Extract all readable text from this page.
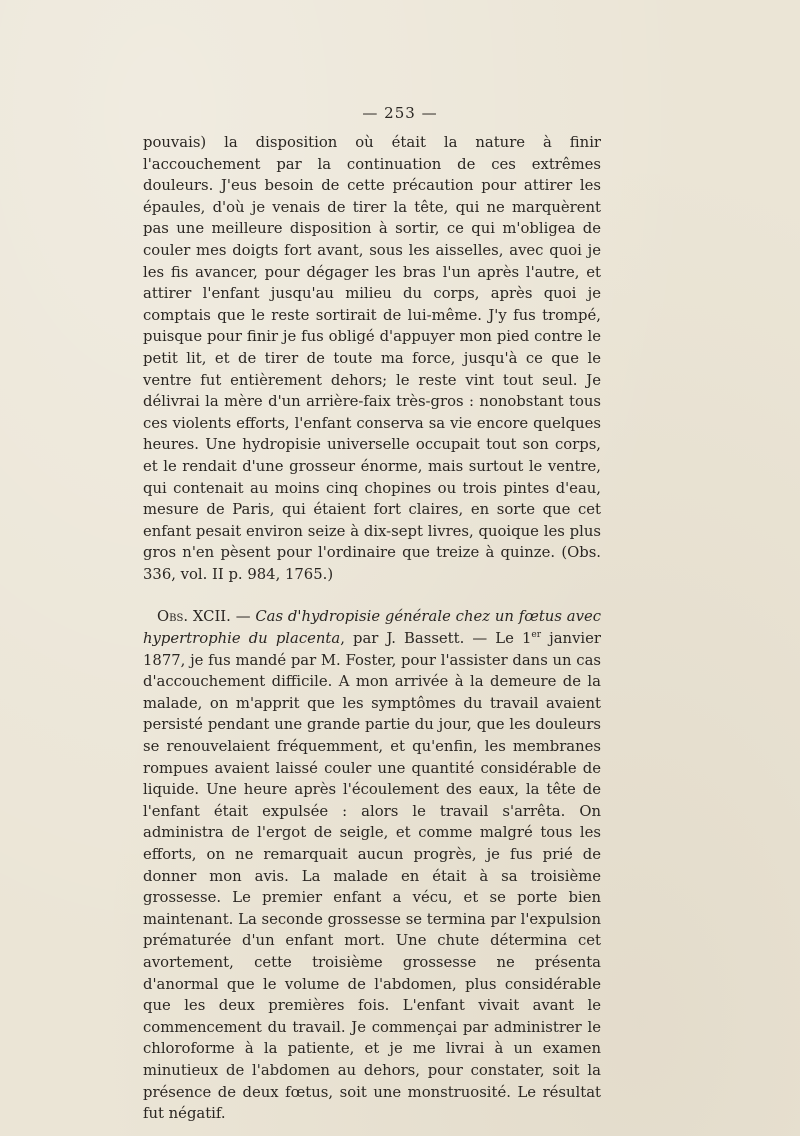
— 253 —

pouvais) la disposition où était la nature à finir l'accouchement par la continuation de ces extrêmes douleurs. J'eus besoin de cette précaution pour attirer les épaules, d'où je venais de tirer la tête, qui ne marquèrent pas une meilleure disposition à sortir, ce qui m'obligea de couler mes doigts fort avant, sous les aisselles, avec quoi je les fis avancer, pour dégager les bras l'un après l'autre, et attirer l'enfant jusqu'au milieu du corps, après quoi je comptais que le reste sortirait de lui-même. J'y fus trompé, puisque pour finir je fus obligé d'appuyer mon pied contre le petit lit, et de tirer de toute ma force, jusqu'à ce que le ventre fut entièrement dehors; le reste vint tout seul. Je délivrai la mère d'un arrière-faix très-gros : nonobstant tous ces violents efforts, l'enfant conserva sa vie encore quelques heures. Une hydropisie universelle occupait tout son corps, et le rendait d'une grosseur énorme, mais surtout le ventre, qui contenait au moins cinq chopines ou trois pintes d'eau, mesure de Paris, qui étaient fort claires, en sorte que cet enfant pesait environ seize à dix-sept livres, quoique les plus gros n'en pèsent pour l'ordinaire que treize à quinze. (Obs. 336, vol. II p. 984, 1765.)

Obs. XCII. — Cas d'hydropisie générale chez un fœtus avec hypertrophie du placenta, par J. Bassett. — Le 1er janvier 1877, je fus mandé par M. Foster, pour l'assister dans un cas d'accouchement difficile. A mon arrivée à la demeure de la malade, on m'apprit que les symptômes du travail avaient persisté pendant une grande partie du jour, que les douleurs se renouvelaient fréquemment, et qu'enfin, les membranes rompues avaient laissé couler une quantité considérable de liquide. Une heure après l'écoulement des eaux, la tête de l'enfant était expulsée : alors le travail s'arrêta. On administra de l'ergot de seigle, et comme malgré tous les efforts, on ne remarquait aucun progrès, je fus prié de donner mon avis. La malade en était à sa troisième grossesse. Le premier enfant a vécu, et se porte bien maintenant. La seconde grossesse se termina par l'expulsion prématurée d'un enfant mort. Une chute détermina cet avortement, cette troisième grossesse ne présenta d'anormal que le volume de l'abdomen, plus considérable que les deux premières fois. L'enfant vivait avant le commencement du travail. Je commençai par administrer le chloroforme à la patiente, et je me livrai à un examen minutieux de l'abdomen au dehors, pour constater, soit la présence de deux fœtus, soit une monstruosité. Le résultat fut négatif.
